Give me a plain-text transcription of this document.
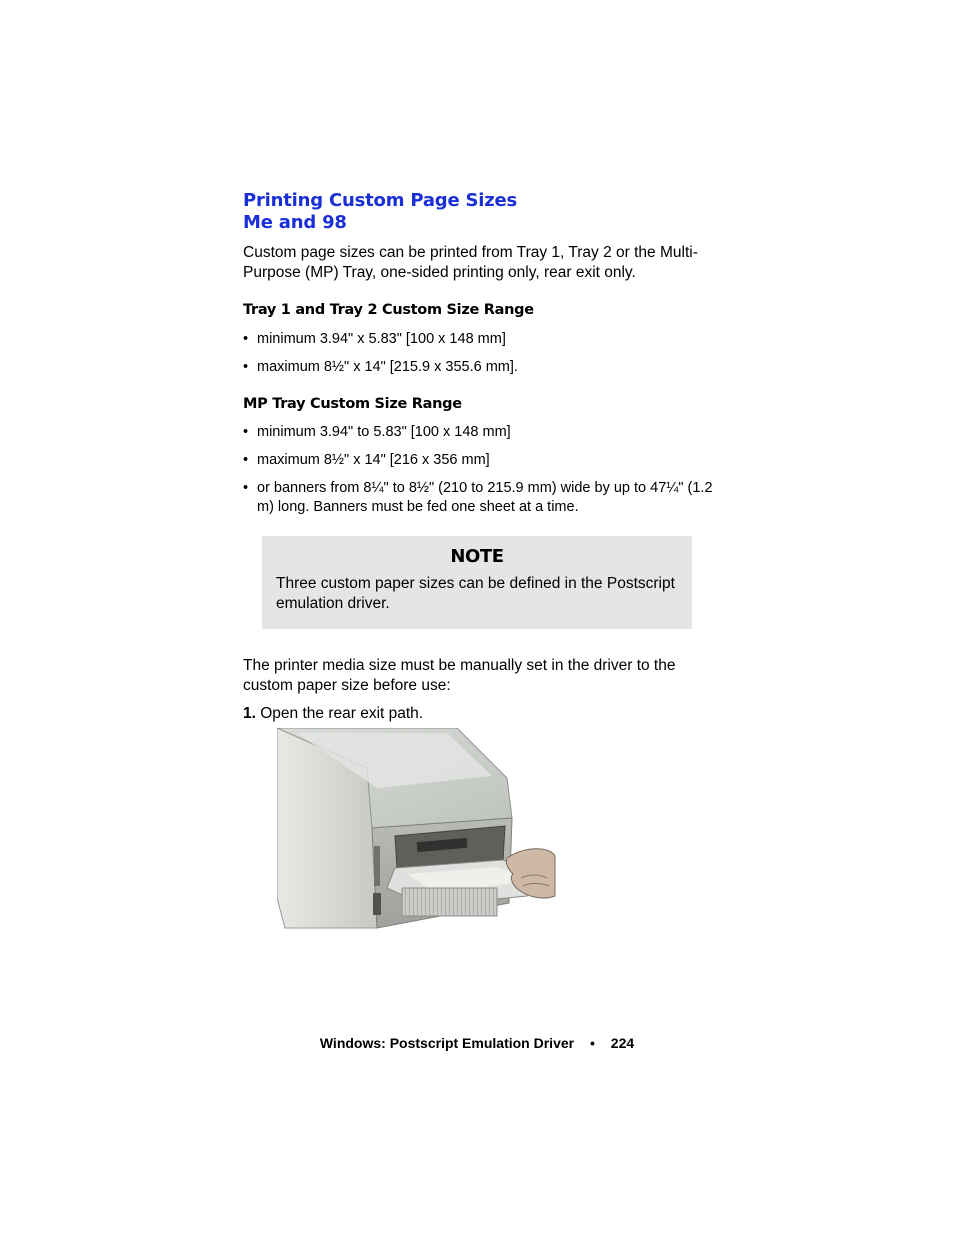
Printing Custom Page Sizes
Me and 98
Custom page sizes can be printed from Tray 1, Tray 2 or the Multi-Purpose (MP) Tray, one-sided printing only, rear exit only.
Tray 1 and Tray 2 Custom Size Range
• minimum 3.94" x 5.83" [100 x 148 mm]
• maximum 8½" x 14" [215.9 x 355.6 mm].
MP Tray Custom Size Range
• minimum 3.94" to 5.83" [100 x 148 mm]
• maximum 8½" x 14" [216 x 356 mm]
• or banners from 8¼" to 8½" (210 to 215.9 mm) wide by up to 47¼" (1.2 m) long. Banners must be fed one sheet at a time.
NOTE
Three custom paper sizes can be defined in the Postscript emulation driver.
The printer media size must be manually set in the driver to the custom paper size before use:
1. Open the rear exit path.
Windows: Postscript Emulation Driver • 224
